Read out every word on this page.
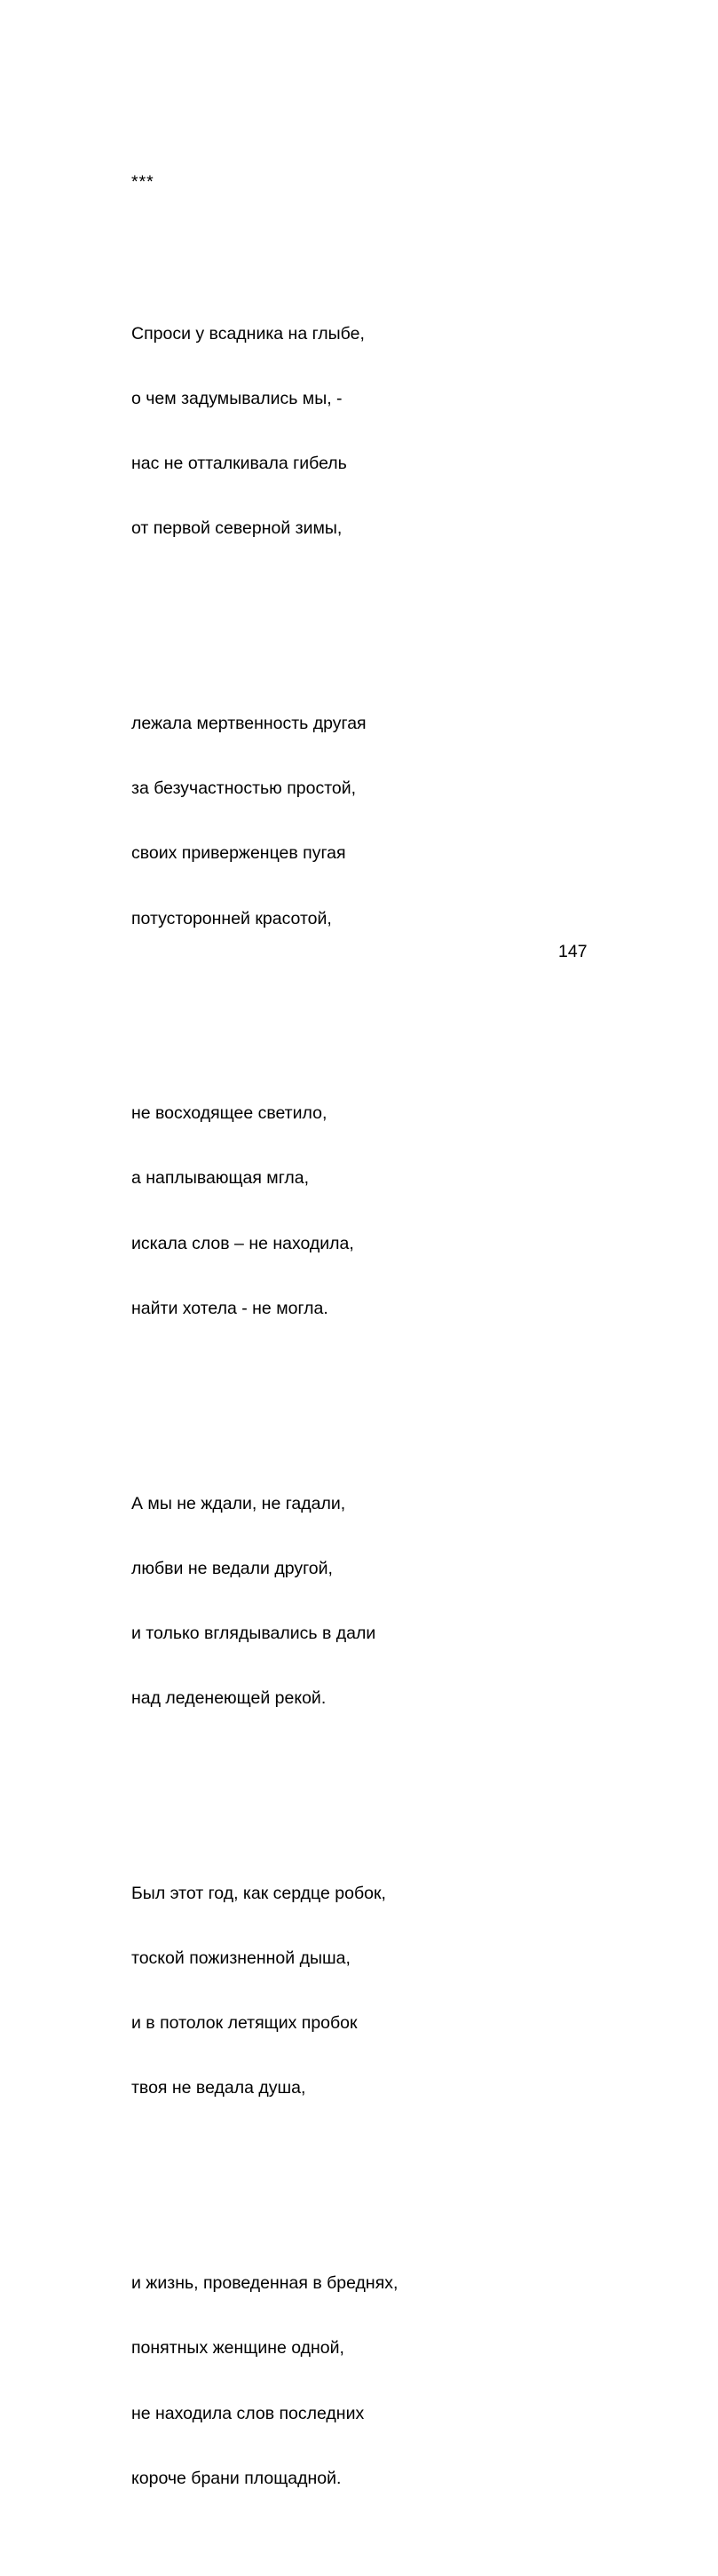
***

Спроси у всадника на глыбе,

о чем задумывались мы, -

нас не отталкивала гибель

от первой северной зимы,

лежала мертвенность другая

за безучастностью простой,

своих приверженцев пугая

потусторонней красотой,

не восходящее светило,

а наплывающая мгла,

искала слов – не находила,

найти хотела - не могла.

А мы не ждали, не гадали,

любви не ведали другой,

и только вглядывались в дали

над леденеющей рекой.

Был этот год, как сердце робок,

тоской пожизненной дыша,

и в потолок летящих пробок

твоя не ведала душа,

и жизнь, проведенная в бреднях,

понятных женщине одной,

не находила слов последних

короче брани площадной.

147
